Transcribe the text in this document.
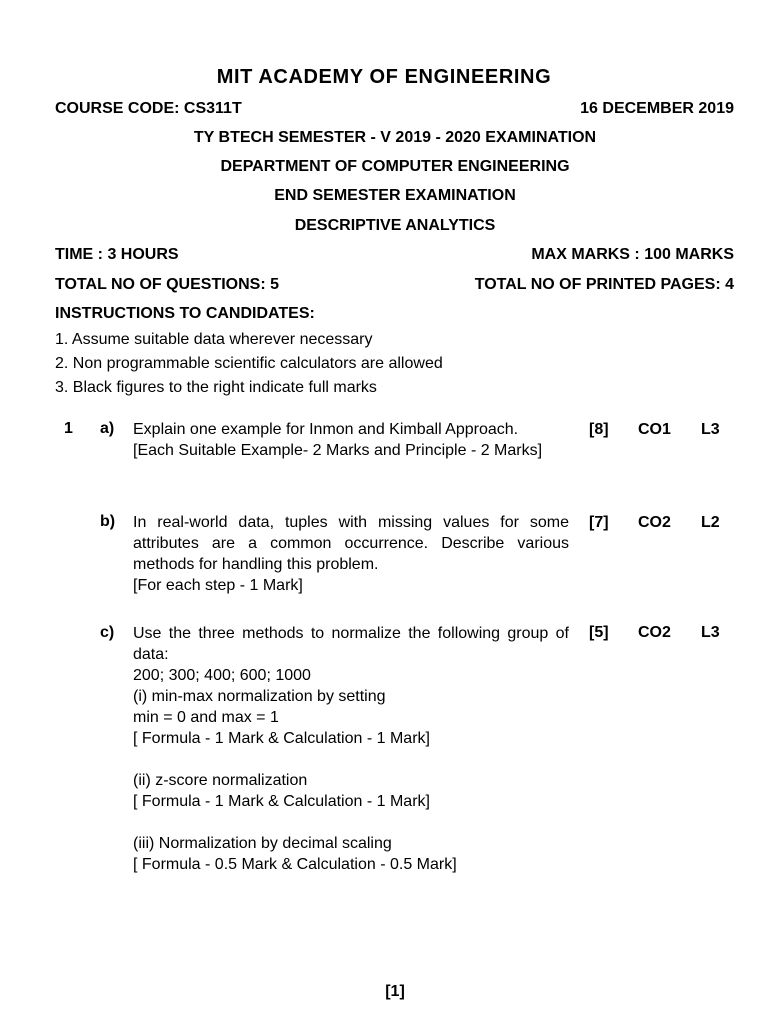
MIT ACADEMY OF ENGINEERING
COURSE CODE: CS311T	16 DECEMBER 2019
TY BTECH SEMESTER - V 2019 - 2020 EXAMINATION
DEPARTMENT OF COMPUTER ENGINEERING
END SEMESTER EXAMINATION
DESCRIPTIVE ANALYTICS
TIME : 3 HOURS	MAX MARKS : 100 MARKS
TOTAL NO OF QUESTIONS: 5	TOTAL NO OF PRINTED PAGES: 4
INSTRUCTIONS TO CANDIDATES:
1. Assume suitable data wherever necessary
2. Non programmable scientific calculators are allowed
3. Black figures to the right indicate full marks
1 a) Explain one example for Inmon and Kimball Approach.

[Each Suitable Example- 2 Marks and Principle - 2 Marks]

[8] CO1 L3
b) In real-world data, tuples with missing values for some attributes are a common occurrence. Describe various methods for handling this problem.

[For each step - 1 Mark]

[7] CO2 L2
c) Use the three methods to normalize the following group of data:

200; 300; 400; 600; 1000

(i) min-max normalization by setting

min = 0 and max = 1

[ Formula - 1 Mark & Calculation - 1 Mark]

(ii) z-score normalization

[ Formula - 1 Mark & Calculation - 1 Mark]

(iii) Normalization by decimal scaling

[ Formula - 0.5 Mark & Calculation - 0.5 Mark]

[5] CO2 L3
[1]
